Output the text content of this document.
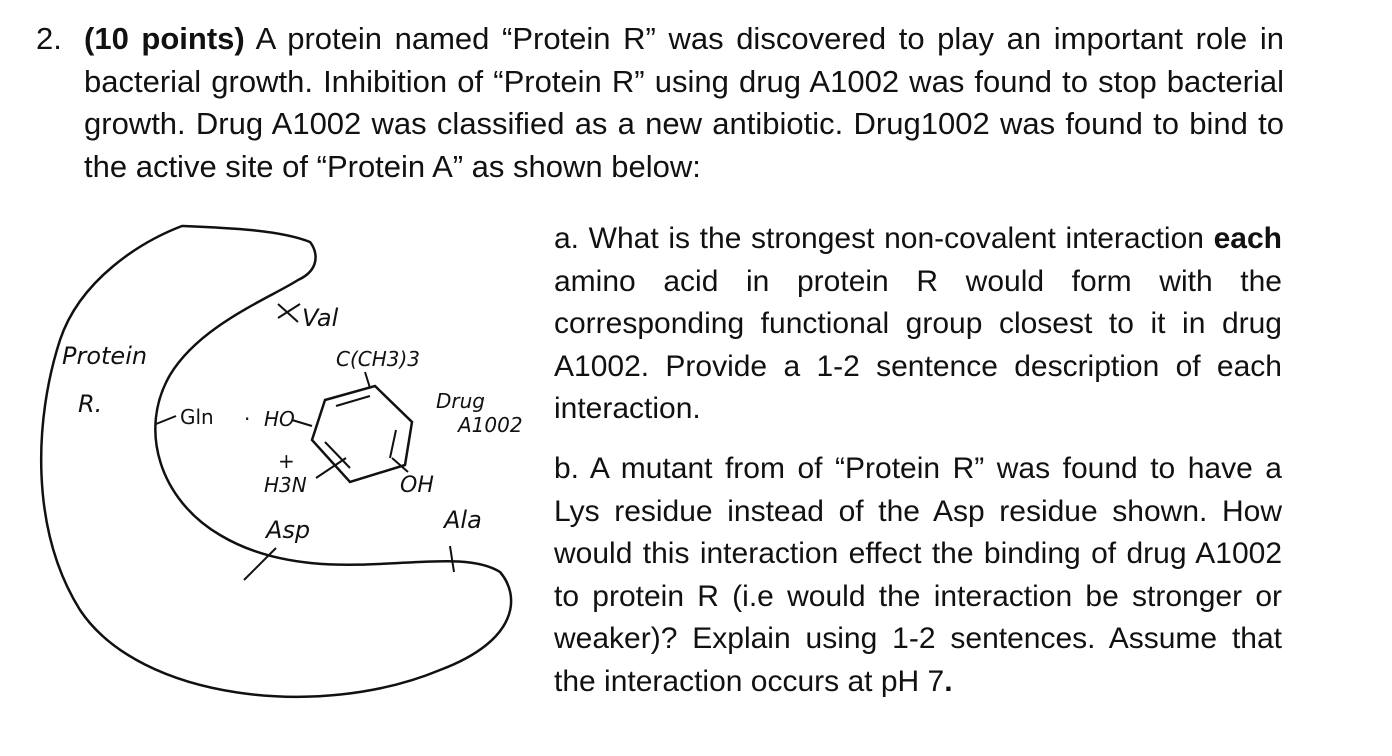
2. (10 points) A protein named “Protein R” was discovered to play an important role in bacterial growth. Inhibition of “Protein R” using drug A1002 was found to stop bacterial growth. Drug A1002 was classified as a new antibiotic. Drug1002 was found to bind to the active site of “Protein A” as shown below:
Val
Protein
R.
C(CH3)3
Gln · HO
+
H3N	OH
Drug
A1002
Ala
Asp
a. What is the strongest non-covalent interaction each amino acid in protein R would form with the corresponding functional group closest to it in drug A1002. Provide a 1-2 sentence description of each interaction.
b. A mutant from of “Protein R” was found to have a Lys residue instead of the Asp residue shown. How would this interaction effect the binding of drug A1002 to protein R (i.e would the interaction be stronger or weaker)? Explain using 1-2 sentences. Assume that the interaction occurs at pH 7.
